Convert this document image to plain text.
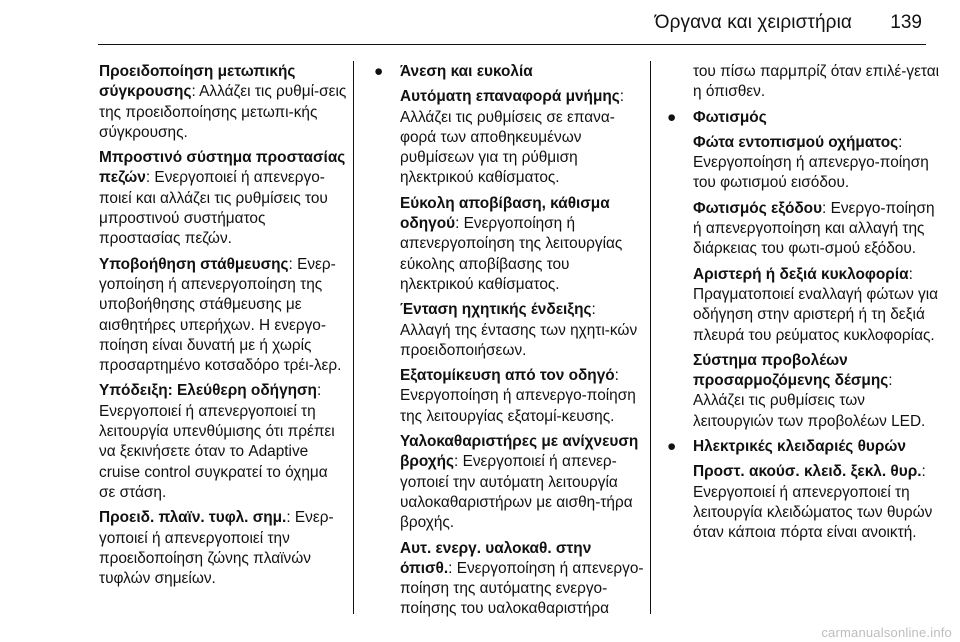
Όργανα και χειριστήρια 139

Προειδοποίηση μετωπικής σύγκρουσης: Αλλάζει τις ρυθμί-σεις της προειδοποίησης μετωπι-κής σύγκρουσης.

Μπροστινό σύστημα προστασίας πεζών: Ενεργοποιεί ή απενεργο-ποιεί και αλλάζει τις ρυθμίσεις του μπροστινού συστήματος προστασίας πεζών.

Υποβοήθηση στάθμευσης: Ενερ-γοποίηση ή απενεργοποίηση της υποβοήθησης στάθμευσης με αισθητήρες υπερήχων. Η ενεργο-ποίηση είναι δυνατή με ή χωρίς προσαρτημένο κοτσαδόρο τρέι-λερ.

Υπόδειξη: Ελεύθερη οδήγηση: Ενεργοποιεί ή απενεργοποιεί τη λειτουργία υπενθύμισης ότι πρέπει να ξεκινήσετε όταν το Adaptive cruise control συγκρατεί το όχημα σε στάση.

Προειδ. πλαϊν. τυφλ. σημ.: Ενερ-γοποιεί ή απενεργοποιεί την προειδοποίηση ζώνης πλαϊνών τυφλών σημείων.

● Άνεση και ευκολία

Αυτόματη επαναφορά μνήμης: Αλλάζει τις ρυθμίσεις σε επανα-φορά των αποθηκευμένων ρυθμίσεων για τη ρύθμιση ηλεκτρικού καθίσματος.

Εύκολη αποβίβαση, κάθισμα οδηγού: Ενεργοποίηση ή απενεργοποίηση της λειτουργίας εύκολης αποβίβασης του ηλεκτρικού καθίσματος.

Ένταση ηχητικής ένδειξης: Αλλαγή της έντασης των ηχητι-κών προειδοποιήσεων.

Εξατομίκευση από τον οδηγό: Ενεργοποίηση ή απενεργο-ποίηση της λειτουργίας εξατομί-κευσης.

Υαλοκαθαριστήρες με ανίχνευση βροχής: Ενεργοποιεί ή απενερ-γοποιεί την αυτόματη λειτουργία υαλοκαθαριστήρων με αισθη-τήρα βροχής.

Αυτ. ενεργ. υαλοκαθ. στην όπισθ.: Ενεργοποίηση ή απενεργο-ποίηση της αυτόματης ενεργο-ποίησης του υαλοκαθαριστήρα

του πίσω παρμπρίζ όταν επιλέ-γεται η όπισθεν.

● Φωτισμός

Φώτα εντοπισμού οχήματος: Ενεργοποίηση ή απενεργο-ποίηση του φωτισμού εισόδου.

Φωτισμός εξόδου: Ενεργο-ποίηση ή απενεργοποίηση και αλλαγή της διάρκειας του φωτι-σμού εξόδου.

Αριστερή ή δεξιά κυκλοφορία: Πραγματοποιεί εναλλαγή φώτων για οδήγηση στην αριστερή ή τη δεξιά πλευρά του ρεύματος κυκλοφορίας.

Σύστημα προβολέων προσαρμοζόμενης δέσμης: Αλλάζει τις ρυθμίσεις των λειτουργιών των προβολέων LED.

● Ηλεκτρικές κλειδαριές θυρών

Προστ. ακούσ. κλειδ. ξεκλ. θυρ.: Ενεργοποιεί ή απενεργοποιεί τη λειτουργία κλειδώματος των θυρών όταν κάποια πόρτα είναι ανοικτή.

carmanualsonline.info
